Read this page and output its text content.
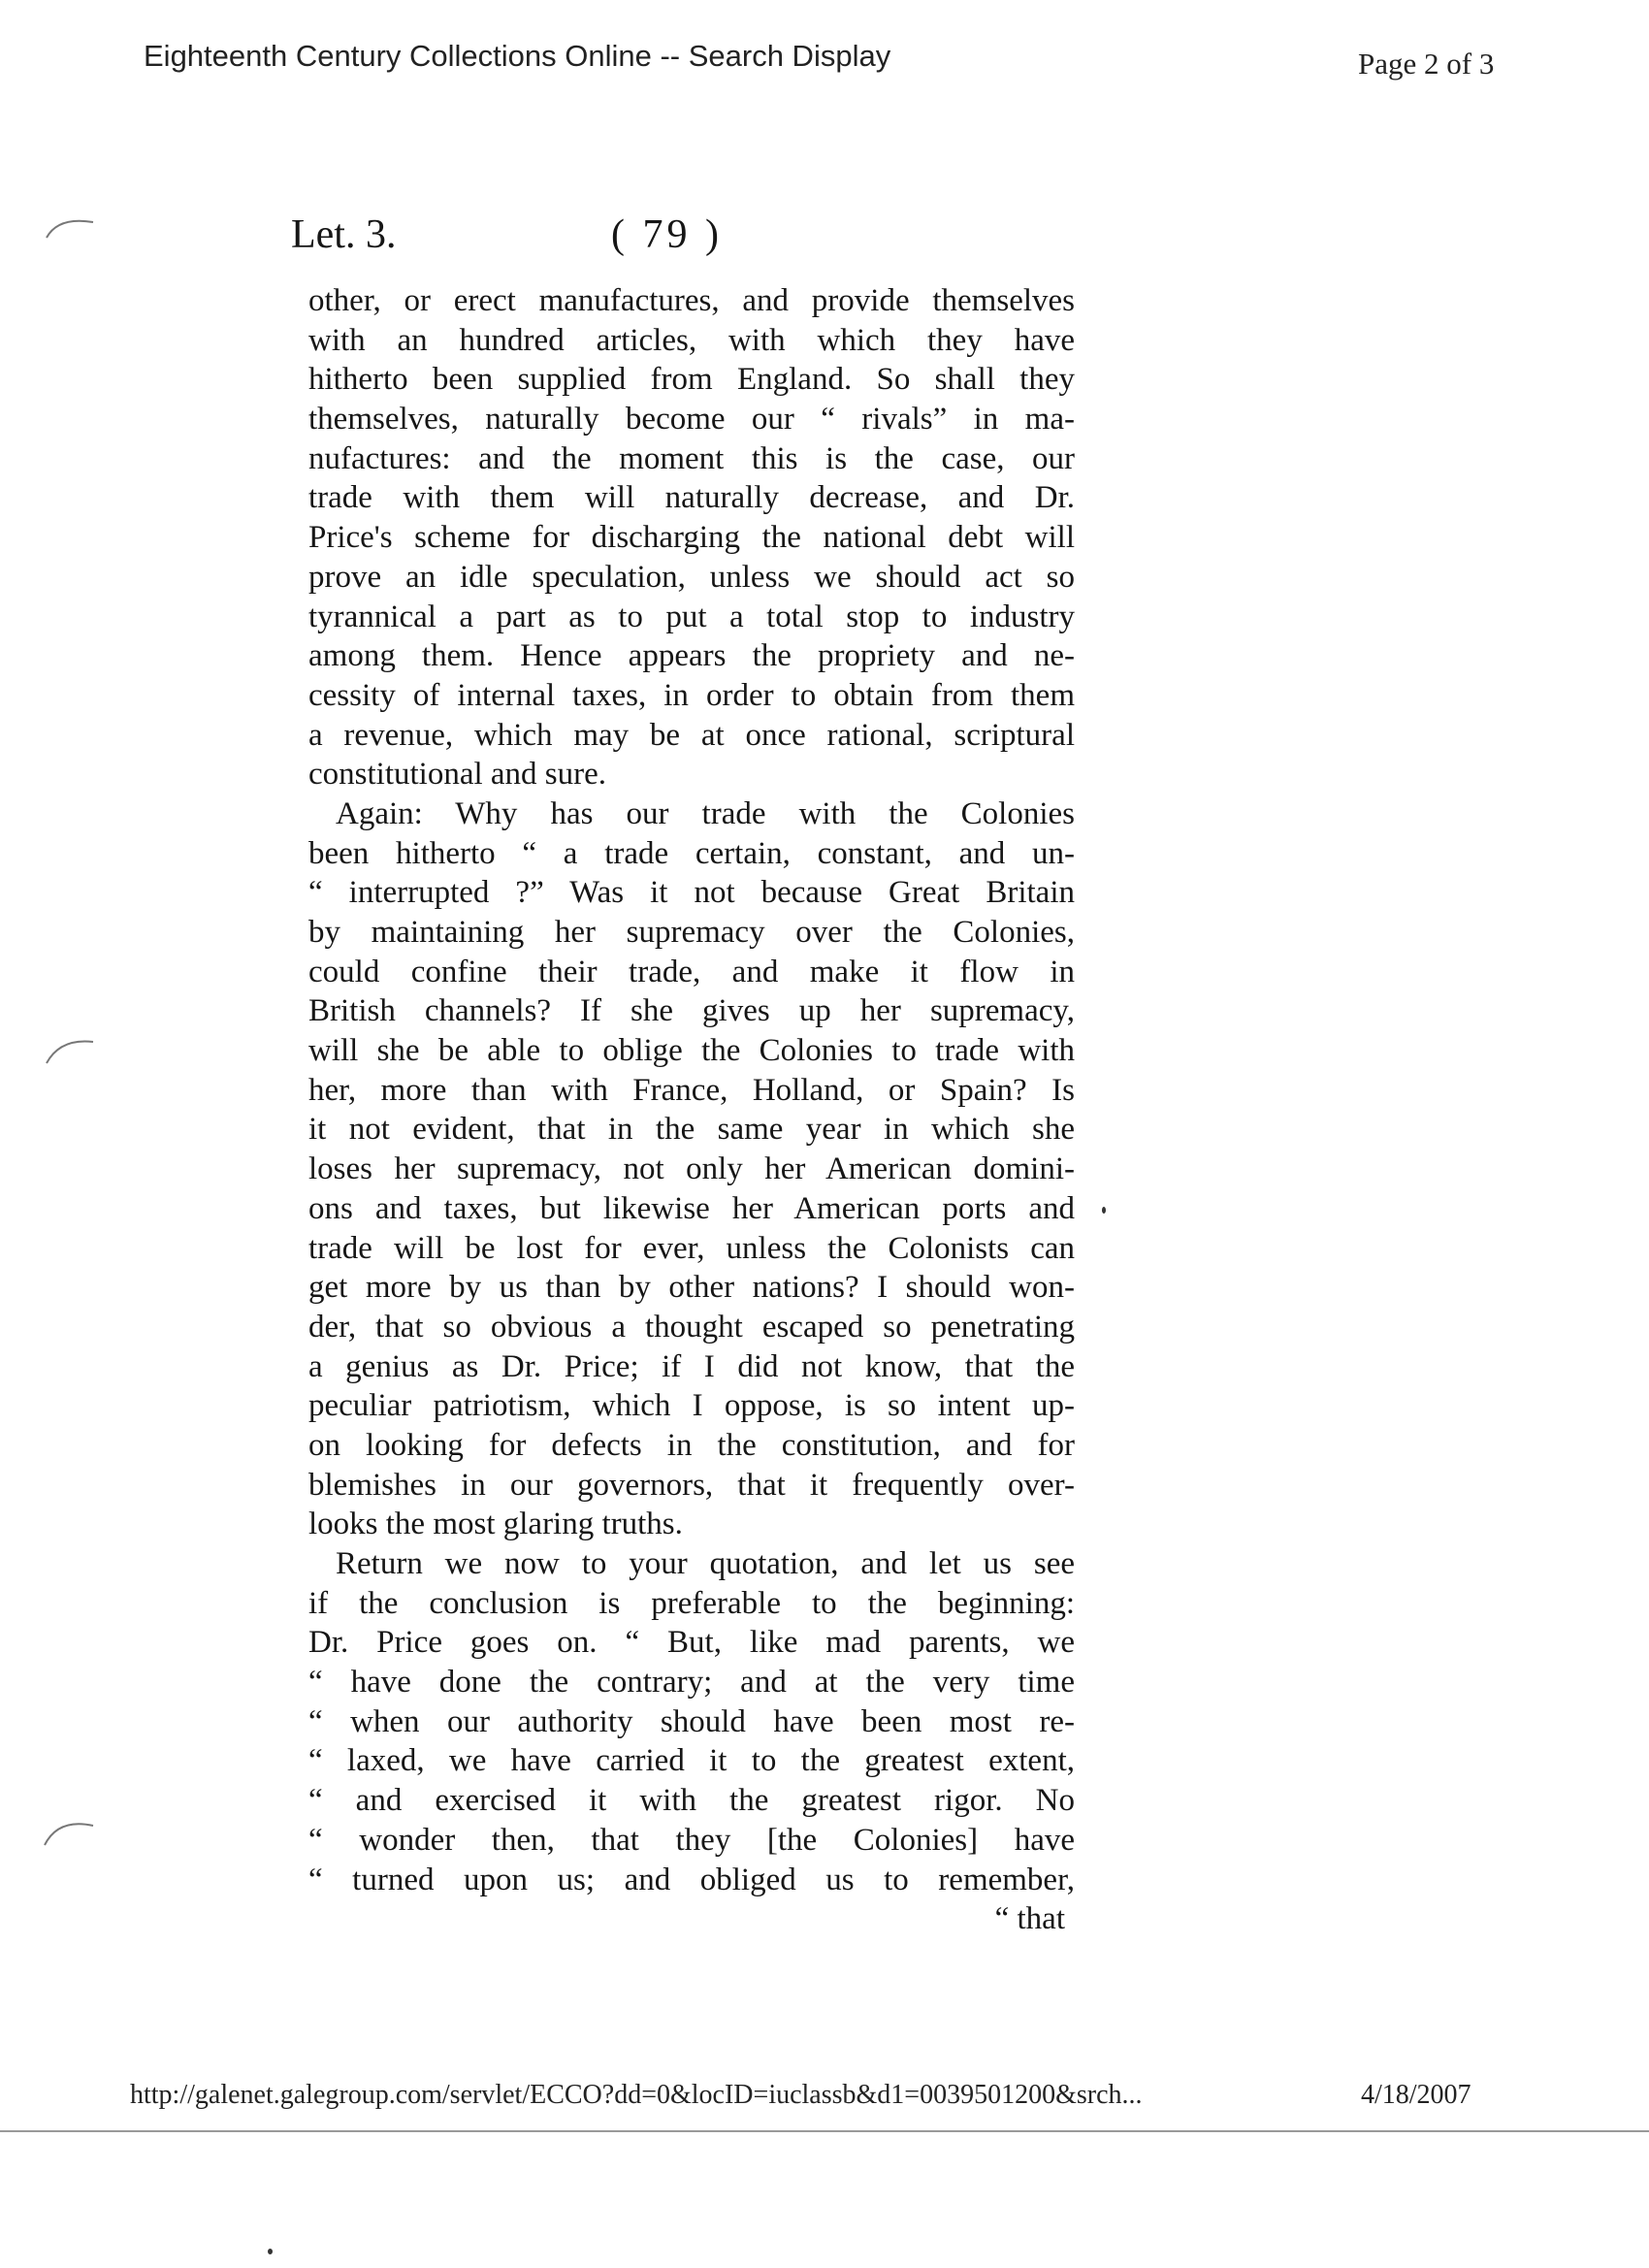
Eighteenth Century Collections Online -- Search Display	Page 2 of 3
Let. 3.	( 79 )
other, or erect manufactures, and provide themselves
with an hundred articles, with which they have
hitherto been supplied from England. So shall they
themselves, naturally become our “ rivals” in ma-
nufactures: and the moment this is the case, our
trade with them will naturally decrease, and Dr.
Price's scheme for discharging the national debt will
prove an idle speculation, unless we should act so
tyrannical a part as to put a total stop to industry
among them. Hence appears the propriety and ne-
cessity of internal taxes, in order to obtain from them
a revenue, which may be at once rational, scriptural
constitutional and sure.
Again: Why has our trade with the Colonies
been hitherto “ a trade certain, constant, and un-
“ interrupted ?” Was it not because Great Britain
by maintaining her supremacy over the Colonies,
could confine their trade, and make it flow in
British channels? If she gives up her supremacy,
will she be able to oblige the Colonies to trade with
her, more than with France, Holland, or Spain? Is
it not evident, that in the same year in which she
loses her supremacy, not only her American domini-
ons and taxes, but likewise her American ports and
trade will be lost for ever, unless the Colonists can
get more by us than by other nations? I should won-
der, that so obvious a thought escaped so penetrating
a genius as Dr. Price; if I did not know, that the
peculiar patriotism, which I oppose, is so intent up-
on looking for defects in the constitution, and for
blemishes in our governors, that it frequently over-
looks the most glaring truths.
Return we now to your quotation, and let us see
if the conclusion is preferable to the beginning:
Dr. Price goes on. “ But, like mad parents, we
“ have done the contrary; and at the very time
“ when our authority should have been most re-
“ laxed, we have carried it to the greatest extent,
“ and exercised it with the greatest rigor. No
“ wonder then, that they [the Colonies] have
“ turned upon us; and obliged us to remember,
“ that
http://galenet.galegroup.com/servlet/ECCO?dd=0&locID=iuclassb&d1=0039501200&srch...	4/18/2007
